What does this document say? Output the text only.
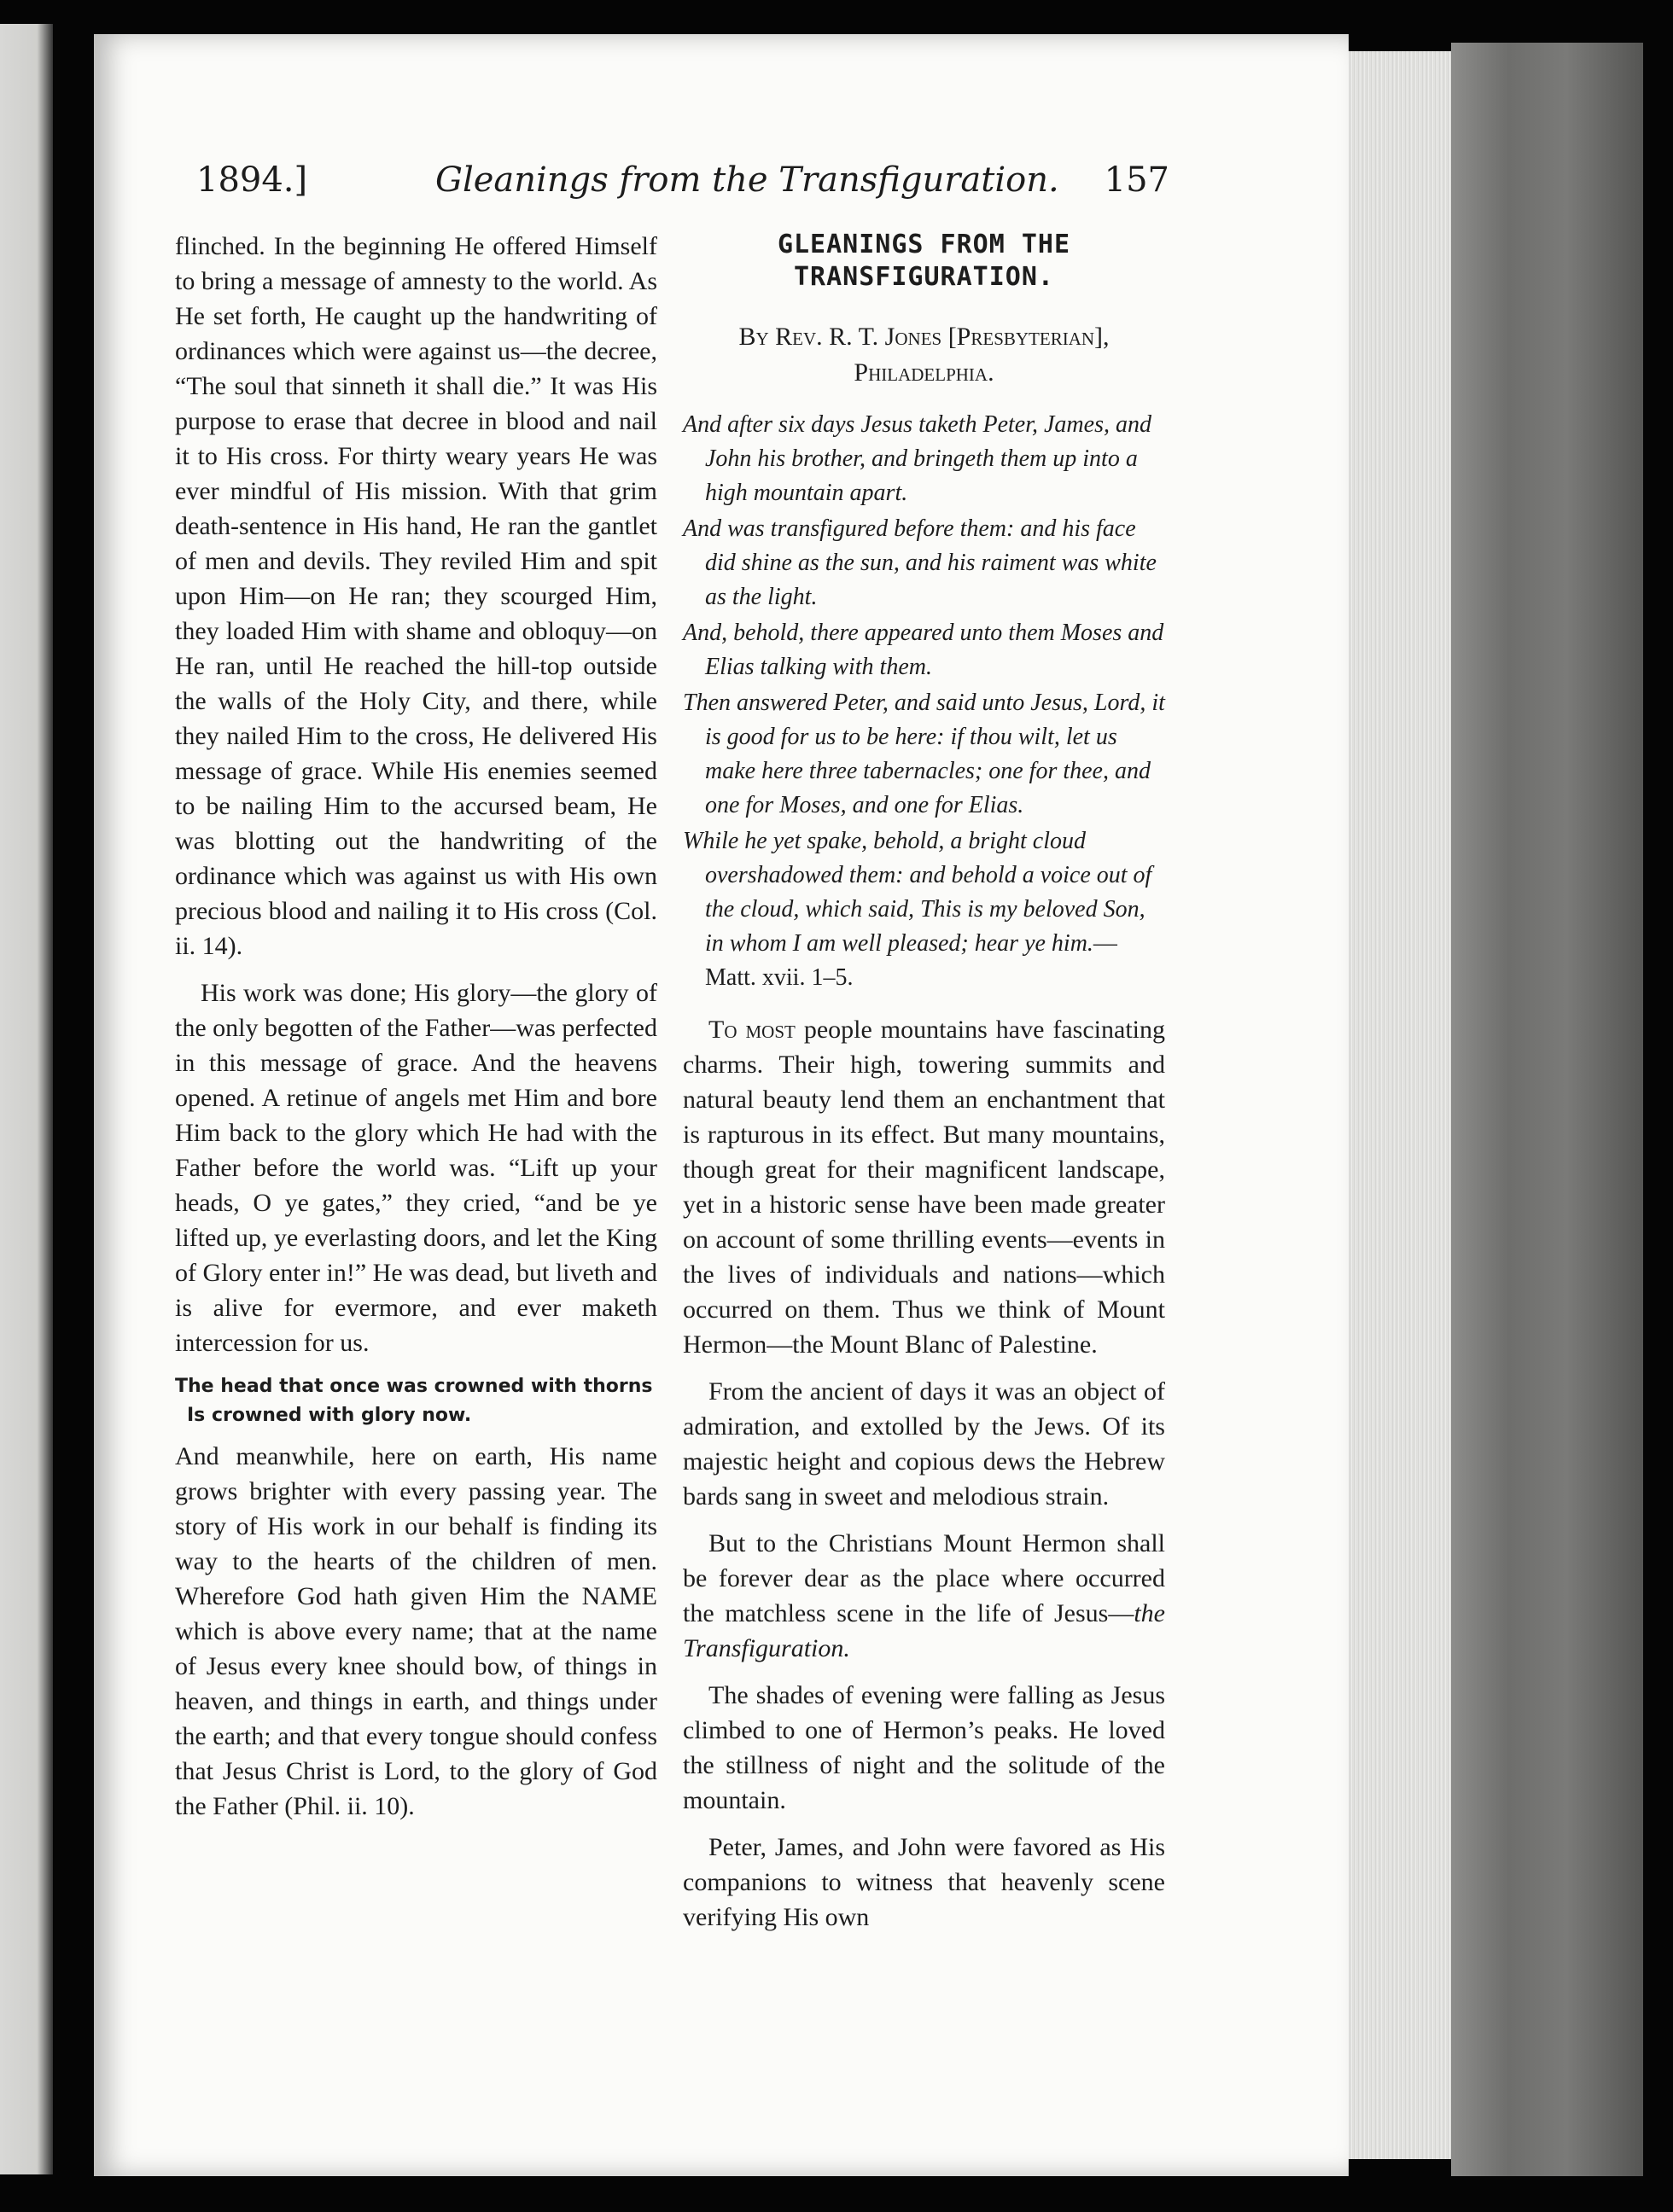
1894.]	Gleanings from the Transfiguration. 157

flinched. In the beginning He offered Himself to bring a message of amnesty to the world. As He set forth, He caught up the handwriting of ordinances which were against us—the decree, “The soul that sinneth it shall die.” It was His purpose to erase that decree in blood and nail it to His cross. For thirty weary years He was ever mindful of His mission. With that grim death-sentence in His hand, He ran the gantlet of men and devils. They reviled Him and spit upon Him—on He ran; they scourged Him, they loaded Him with shame and obloquy—on He ran, until He reached the hill-top outside the walls of the Holy City, and there, while they nailed Him to the cross, He delivered His message of grace. While His enemies seemed to be nailing Him to the accursed beam, He was blotting out the handwriting of the ordinance which was against us with His own precious blood and nailing it to His cross (Col. ii. 14).

His work was done; His glory—the glory of the only begotten of the Father—was perfected in this message of grace. And the heavens opened. A retinue of angels met Him and bore Him back to the glory which He had with the Father before the world was. “Lift up your heads, O ye gates,” they cried, “and be ye lifted up, ye everlasting doors, and let the King of Glory enter in!” He was dead, but liveth and is alive for evermore, and ever maketh intercession for us.

The head that once was crowned with thorns
Is crowned with glory now.

And meanwhile, here on earth, His name grows brighter with every passing year. The story of His work in our behalf is finding its way to the hearts of the children of men. Wherefore God hath given Him the NAME which is above every name; that at the name of Jesus every knee should bow, of things in heaven, and things in earth, and things under the earth; and that every tongue should confess that Jesus Christ is Lord, to the glory of God the Father (Phil. ii. 10).

GLEANINGS FROM THE TRANSFIGURATION.
By Rev. R. T. Jones [Presbyterian], Philadelphia.
And after six days Jesus taketh Peter, James, and John his brother, and bringeth them up into a high mountain apart.
And was transfigured before them: and his face did shine as the sun, and his raiment was white as the light.
And, behold, there appeared unto them Moses and Elias talking with them.
Then answered Peter, and said unto Jesus, Lord, it is good for us to be here: if thou wilt, let us make here three tabernacles; one for thee, and one for Moses, and one for Elias.
While he yet spake, behold, a bright cloud overshadowed them: and behold a voice out of the cloud, which said, This is my beloved Son, in whom I am well pleased; hear ye him.—Matt. xvii. 1–5.

To most people mountains have fascinating charms. Their high, towering summits and natural beauty lend them an enchantment that is rapturous in its effect. But many mountains, though great for their magnificent landscape, yet in a historic sense have been made greater on account of some thrilling events—events in the lives of individuals and nations—which occurred on them. Thus we think of Mount Hermon—the Mount Blanc of Palestine.

From the ancient of days it was an object of admiration, and extolled by the Jews. Of its majestic height and copious dews the Hebrew bards sang in sweet and melodious strain.

But to the Christians Mount Hermon shall be forever dear as the place where occurred the matchless scene in the life of Jesus—the Transfiguration.

The shades of evening were falling as Jesus climbed to one of Hermon’s peaks. He loved the stillness of night and the solitude of the mountain.

Peter, James, and John were favored as His companions to witness that heavenly scene verifying His own
